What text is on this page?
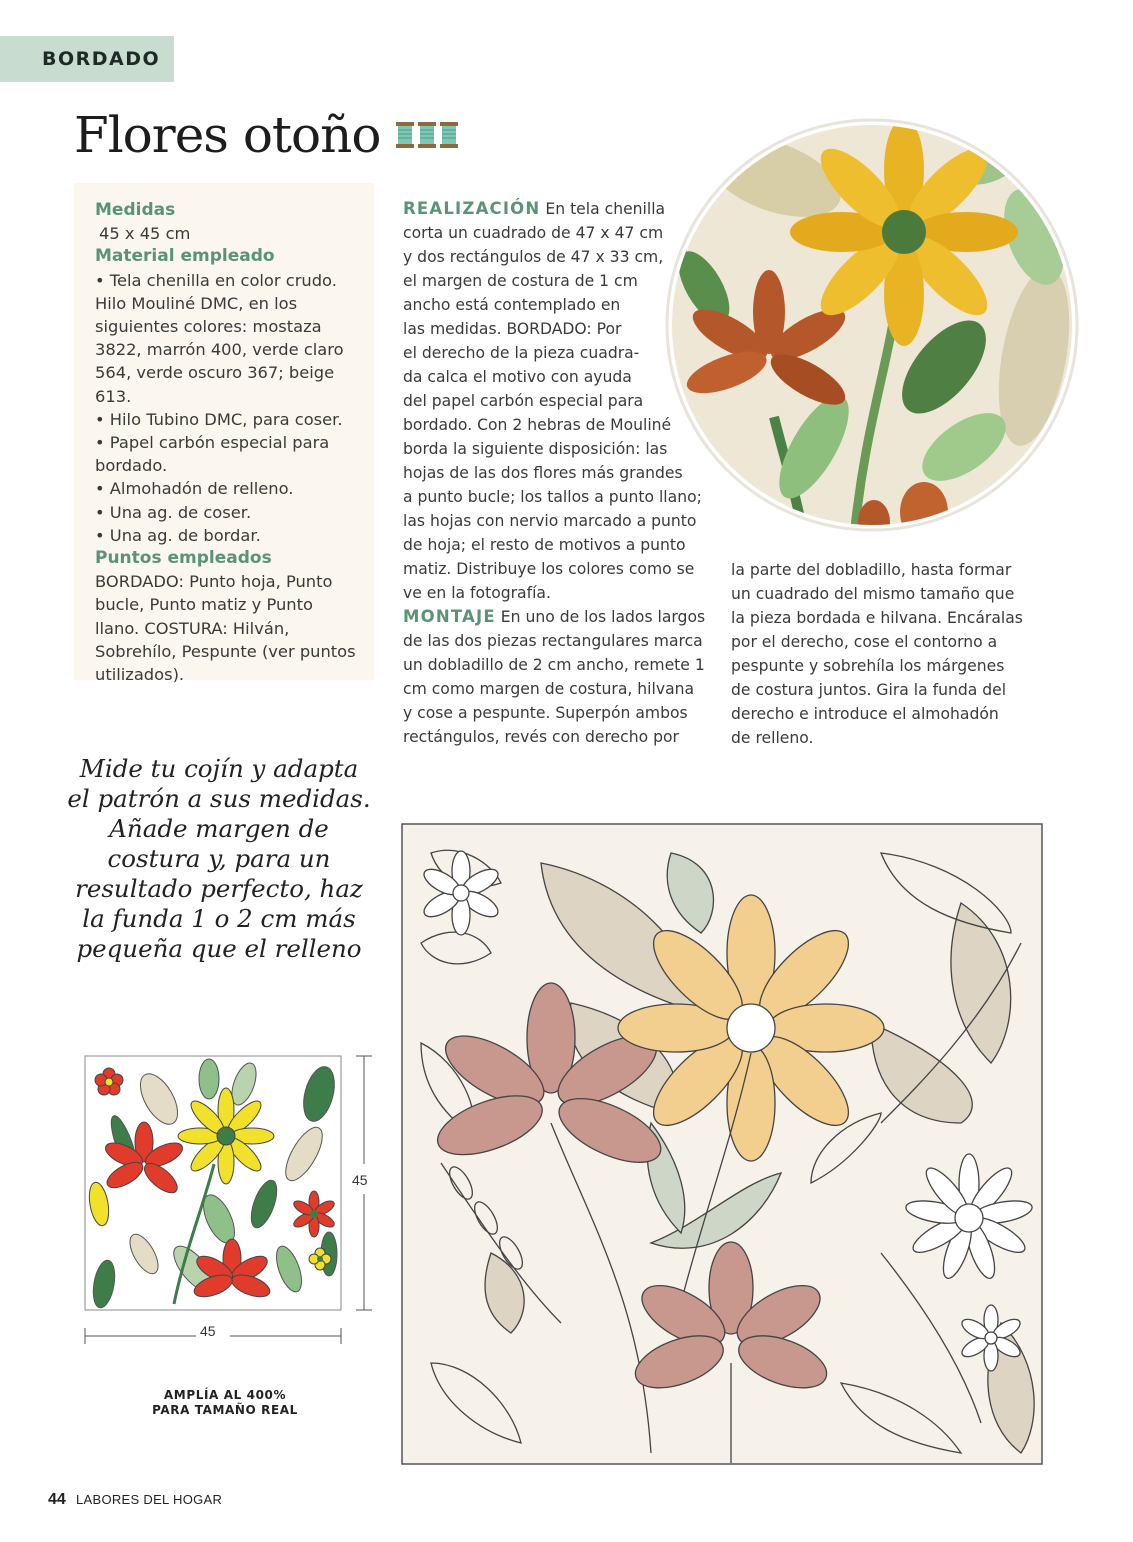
BORDADO
Flores otoño
Medidas
45 x 45 cm
Material empleado
• Tela chenilla en color crudo.
Hilo Mouliné DMC, en los
siguientes colores: mostaza
3822, marrón 400, verde claro
564, verde oscuro 367; beige 613.
• Hilo Tubino DMC, para coser.
• Papel carbón especial para
bordado.
• Almohadón de relleno.
• Una ag. de coser.
• Una ag. de bordar.
Puntos empleados
BORDADO: Punto hoja, Punto
bucle, Punto matiz y Punto
llano. COSTURA: Hilván,
Sobrehílo, Pespunte (ver puntos
utilizados).
REALIZACIÓN En tela chenilla
corta un cuadrado de 47 x 47 cm
y dos rectángulos de 47 x 33 cm,
el margen de costura de 1 cm
ancho está contemplado en
las medidas. BORDADO: Por
el derecho de la pieza cuadra-
da calca el motivo con ayuda
del papel carbón especial para
bordado. Con 2 hebras de Mouliné
borda la siguiente disposición: las
hojas de las dos flores más grandes
a punto bucle; los tallos a punto llano;
las hojas con nervio marcado a punto
de hoja; el resto de motivos a punto
matiz. Distribuye los colores como se
ve en la fotografía.
MONTAJE En uno de los lados largos
de las dos piezas rectangulares marca
un dobladillo de 2 cm ancho, remete 1
cm como margen de costura, hilvana
y cose a pespunte. Superpón ambos
rectángulos, revés con derecho por
la parte del dobladillo, hasta formar
un cuadrado del mismo tamaño que
la pieza bordada e hilvana. Encáralas
por el derecho, cose el contorno a
pespunte y sobrehíla los márgenes
de costura juntos. Gira la funda del
derecho e introduce el almohadón
de relleno.
Mide tu cojín y adapta
el patrón a sus medidas.
Añade margen de
costura y, para un
resultado perfecto, haz
la funda 1 o 2 cm más
pequeña que el relleno
45
45
AMPLÍA AL 400%
PARA TAMAÑO REAL
44 LABORES DEL HOGAR
